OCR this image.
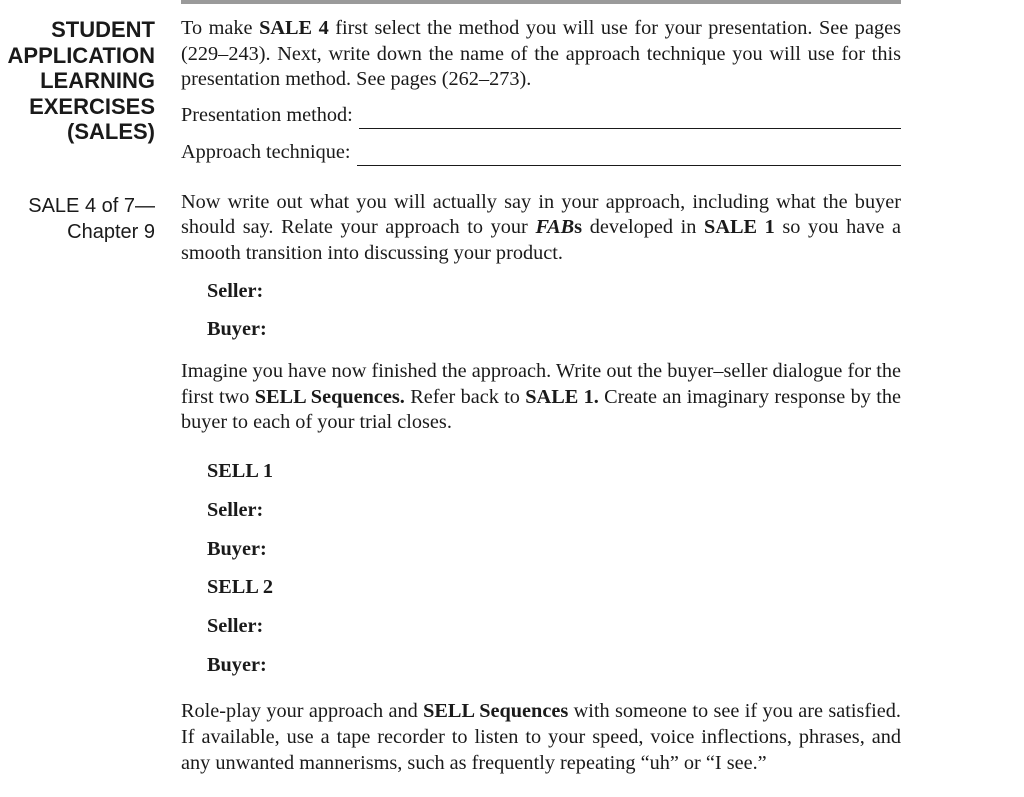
STUDENT
APPLICATION
LEARNING
EXERCISES
(SALES)
SALE 4 of 7—
Chapter 9

To make SALE 4 first select the method you will use for your presentation. See pages (229–243). Next, write down the name of the approach technique you will use for this presentation method. See pages (262–273).

Presentation method:
Approach technique:

Now write out what you will actually say in your approach, including what the buyer should say. Relate your approach to your FABs developed in SALE 1 so you have a smooth transition into discussing your product.

Seller:
Buyer:

Imagine you have now finished the approach. Write out the buyer–seller dialogue for the first two SELL Sequences. Refer back to SALE 1. Create an imaginary response by the buyer to each of your trial closes.

SELL 1
Seller:
Buyer:
SELL 2
Seller:
Buyer:

Role-play your approach and SELL Sequences with someone to see if you are satisfied. If available, use a tape recorder to listen to your speed, voice inflections, phrases, and any unwanted mannerisms, such as frequently repeating “uh” or “I see.”
